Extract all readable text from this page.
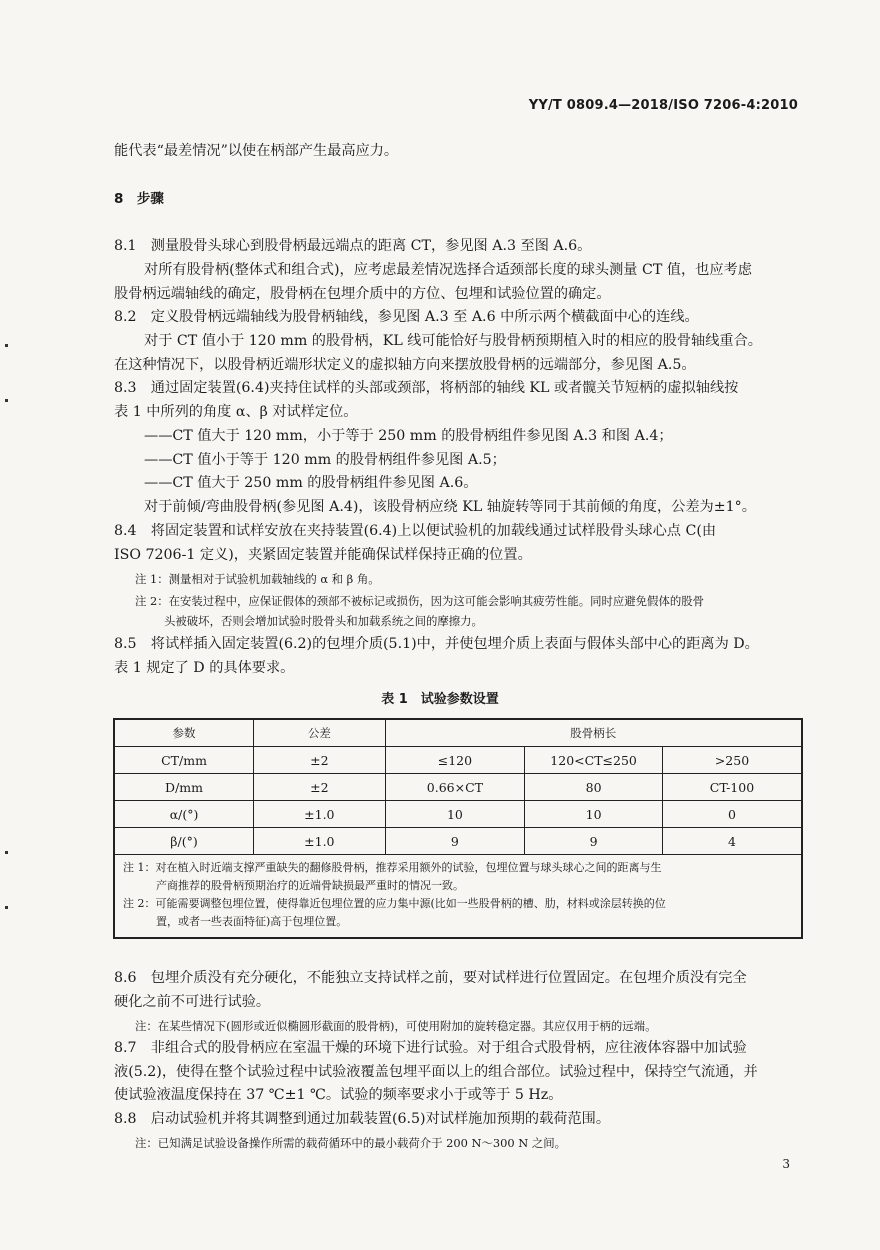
YY/T 0809.4—2018/ISO 7206-4:2010
能代表“最差情况”以使在柄部产生最高应力。
8　步骤
8.1　测量股骨头球心到股骨柄最远端点的距离 CT，参见图 A.3 至图 A.6。
对所有股骨柄(整体式和组合式)，应考虑最差情况选择合适颈部长度的球头测量 CT 值，也应考虑
股骨柄远端轴线的确定，股骨柄在包埋介质中的方位、包埋和试验位置的确定。
8.2　定义股骨柄远端轴线为股骨柄轴线，参见图 A.3 至 A.6 中所示两个横截面中心的连线。
对于 CT 值小于 120 mm 的股骨柄，KL 线可能恰好与股骨柄预期植入时的相应的股骨轴线重合。
在这种情况下，以股骨柄近端形状定义的虚拟轴方向来摆放股骨柄的远端部分，参见图 A.5。
8.3　通过固定装置(6.4)夹持住试样的头部或颈部，将柄部的轴线 KL 或者髋关节短柄的虚拟轴线按
表 1 中所列的角度 α、β 对试样定位。
——CT 值大于 120 mm，小于等于 250 mm 的股骨柄组件参见图 A.3 和图 A.4；
——CT 值小于等于 120 mm 的股骨柄组件参见图 A.5；
——CT 值大于 250 mm 的股骨柄组件参见图 A.6。
对于前倾/弯曲股骨柄(参见图 A.4)，该股骨柄应绕 KL 轴旋转等同于其前倾的角度，公差为±1°。
8.4　将固定装置和试样安放在夹持装置(6.4)上以便试验机的加载线通过试样股骨头球心点 C(由
ISO 7206-1 定义)，夹紧固定装置并能确保试样保持正确的位置。
注 1：测量相对于试验机加载轴线的 α 和 β 角。
注 2：在安装过程中，应保证假体的颈部不被标记或损伤，因为这可能会影响其疲劳性能。同时应避免假体的股骨
头被破坏，否则会增加试验时股骨头和加载系统之间的摩擦力。
8.5　将试样插入固定装置(6.2)的包埋介质(5.1)中，并使包埋介质上表面与假体头部中心的距离为 D。
表 1 规定了 D 的具体要求。
表 1　试验参数设置
参数	公差	股骨柄长		
CT/mm	±2	≤120	120<CT≤250	>250
D/mm	±2	0.66×CT	80	CT-100
α/(°)	±1.0	10	10	0
β/(°)	±1.0	9	9	4

注 1：对在植入时近端支撑严重缺失的翻修股骨柄，推荐采用额外的试验，包埋位置与球头球心之间的距离与生
产商推荐的股骨柄预期治疗的近端骨缺损最严重时的情况一致。
注 2：可能需要调整包埋位置，使得靠近包埋位置的应力集中源(比如一些股骨柄的槽、肋，材料或涂层转换的位
置，或者一些表面特征)高于包埋位置。				
8.6　包埋介质没有充分硬化，不能独立支持试样之前，要对试样进行位置固定。在包埋介质没有完全
硬化之前不可进行试验。
注：在某些情况下(圆形或近似椭圆形截面的股骨柄)，可使用附加的旋转稳定器。其应仅用于柄的远端。
8.7　非组合式的股骨柄应在室温干燥的环境下进行试验。对于组合式股骨柄，应往液体容器中加试验
液(5.2)，使得在整个试验过程中试验液覆盖包埋平面以上的组合部位。试验过程中，保持空气流通，并
使试验液温度保持在 37 ℃±1 ℃。试验的频率要求小于或等于 5 Hz。
8.8　启动试验机并将其调整到通过加载装置(6.5)对试样施加预期的载荷范围。
注：已知满足试验设备操作所需的载荷循环中的最小载荷介于 200 N～300 N 之间。
3
